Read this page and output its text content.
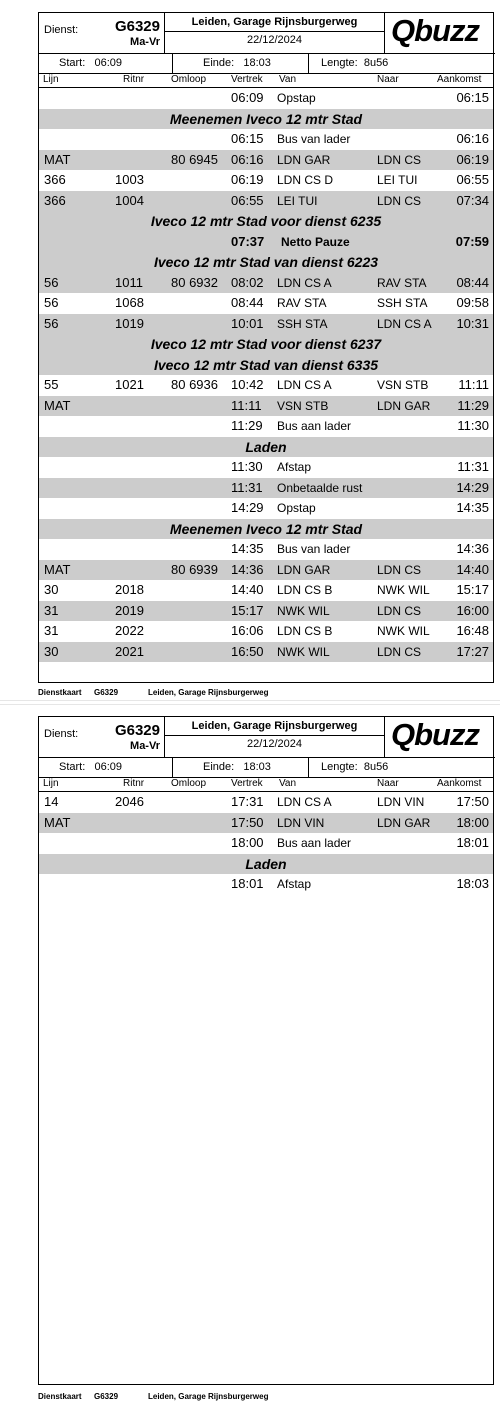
Dienst: G6329
Ma-Vr
Leiden, Garage Rijnsburgerweg
22/12/2024	Qbuzz
Start: 06:09	Einde: 18:03	Lengte: 8u56
Lijn	Ritnr	Omloop Vertrek Van	Naar	Aankomst
06:09 Opstap	06:15
Meenemen Iveco 12 mtr Stad
06:15 Bus van lader	06:16
MAT	80 6945 06:16 LDN GAR	LDN CS	06:19
366	1003	06:19 LDN CS D	LEI TUI	06:55
366	1004	06:55 LEI TUI	LDN CS	07:34
Iveco 12 mtr Stad voor dienst 6235
07:37 Netto Pauze	07:59
Iveco 12 mtr Stad van dienst 6223
56	1011 80 6932 08:02 LDN CS A	RAV STA 08:44
56	1068	08:44 RAV STA	SSH STA 09:58
56	1019	10:01 SSH STA	LDN CS A 10:31
Iveco 12 mtr Stad voor dienst 6237
Iveco 12 mtr Stad van dienst 6335
55	1021 80 6936 10:42 LDN CS A	VSN STB 11:11
MAT	11:11 VSN STB	LDN GAR 11:29
11:29 Bus aan lader	11:30
Laden
11:30 Afstap	11:31
11:31 Onbetaalde rust	14:29
14:29 Opstap	14:35
Meenemen Iveco 12 mtr Stad
14:35 Bus van lader	14:36
MAT	80 6939 14:36 LDN GAR	LDN CS	14:40
30	2018	14:40 LDN CS B	NWK WIL 15:17
31	2019	15:17 NWK WIL	LDN CS	16:00
31	2022	16:06 LDN CS B	NWK WIL 16:48
30	2021	16:50 NWK WIL	LDN CS	17:27
Dienstkaart G6329	Leiden, Garage Rijnsburgerweg
Dienst: G6329
Ma-Vr
Leiden, Garage Rijnsburgerweg
22/12/2024	Qbuzz
Start: 06:09	Einde: 18:03	Lengte: 8u56
Lijn	Ritnr	Omloop Vertrek Van	Naar	Aankomst
14	2046	17:31 LDN CS A	LDN VIN 17:50
MAT	17:50 LDN VIN	LDN GAR 18:00
18:00 Bus aan lader	18:01
Laden
18:01 Afstap	18:03
Dienstkaart G6329	Leiden, Garage Rijnsburgerweg
